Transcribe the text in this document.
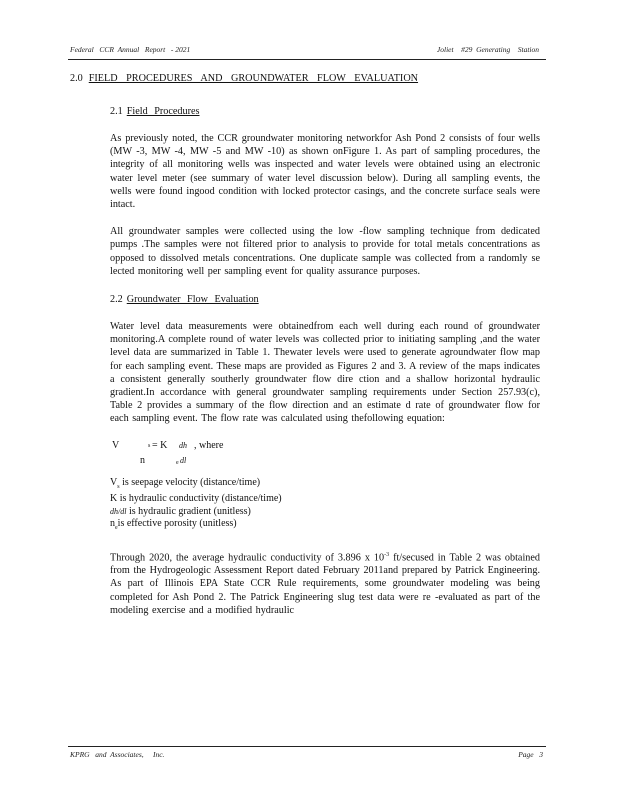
Federal   CCR  Annual   Report   - 2021	Joliet    #29  Generating    Station
2.0 FIELD PROCEDURES AND GROUNDWATER FLOW EVALUATION
2.1 Field Procedures

As previously noted, the CCR groundwater monitoring networkfor Ash Pond 2 consists of four wells (MW -3, MW -4, MW -5 and MW -10) as shown onFigure 1. As part of sampling procedures, the integrity of all monitoring wells was inspected and water levels were obtained using an electronic water level meter (see summary of water level discussion below). During all sampling events, the wells were found ingood condition with locked protector casings, and the concrete surface seals were intact.

All groundwater samples were collected using the low -flow sampling technique from dedicated pumps .The samples were not filtered prior to analysis to provide for total metals concentrations as opposed to dissolved metals concentrations. One duplicate sample was collected from a randomly se lected monitoring well per sampling event for quality assurance purposes.

2.2 Groundwater Flow Evaluation

Water level data measurements were obtainedfrom each well during each round of groundwater monitoring.A complete round of water levels was collected prior to initiating sampling ,and the water level data are summarized in Table 1. Thewater levels were used to generate agroundwater flow map for each sampling event. These maps are provided as Figures 2 and 3. A review of the maps indicates a consistent generally southerly groundwater flow dire ction and a shallow horizontal hydraulic gradient.In accordance with general groundwater sampling requirements under Section 257.93(c), Table 2 provides a summary of the flow direction and an estimate d rate of groundwater flow for each sampling event. The flow rate was calculated using thefollowing equation:

V	s = K dh , where
n	e dl
$V_s$ is seepage velocity (distance/time)
K is hydraulic conductivity (distance/time)
dh/dl is hydraulic gradient (unitless)
$n_eis$ effective porosity (unitless)

Through 2020, the average hydraulic conductivity of 3.896 x $10^{-3}$ ft/secused in Table 2 was obtained from the Hydrogeologic Assessment Report dated February 2011and prepared by Patrick Engineering. As part of Illinois EPA State CCR Rule requirements, some groundwater modeling was being completed for Ash Pond 2. The Patrick Engineering slug test data were re -evaluated as part of the modeling exercise and a modified hydraulic

KPRG   and  Associates,     Inc.	Page   3
